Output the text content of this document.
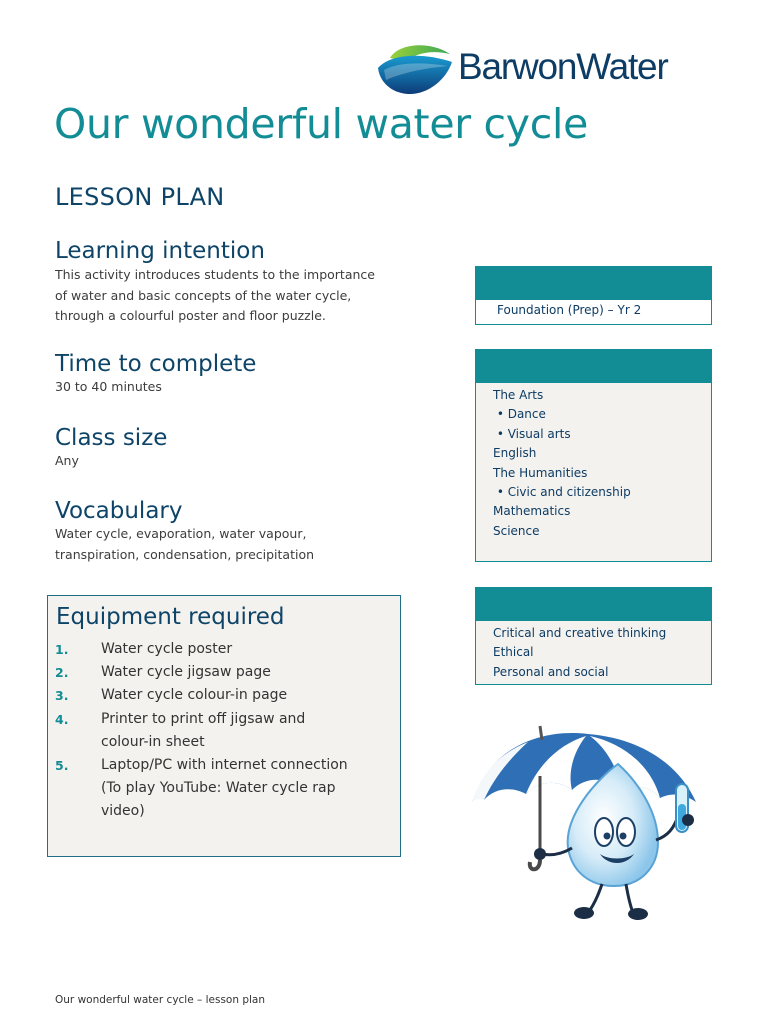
BarwonWater
Our wonderful water cycle
LESSON PLAN
Learning intention
This activity introduces students to the importance
of water and basic concepts of the water cycle,
through a colourful poster and floor puzzle.
Time to complete
30 to 40 minutes
Class size
Any
Vocabulary
Water cycle, evaporation, water vapour,
transpiration, condensation, precipitation
Equipment required
1. Water cycle poster
2. Water cycle jigsaw page
3. Water cycle colour-in page
4. Printer to print off jigsaw and
colour-in sheet
5. Laptop/PC with internet connection
(To play YouTube: Water cycle rap
video)
Foundation (Prep) – Yr 2
The Arts
• Dance
• Visual arts
English
The Humanities
• Civic and citizenship
Mathematics
Science
Critical and creative thinking
Ethical
Personal and social
Our wonderful water cycle – lesson plan
